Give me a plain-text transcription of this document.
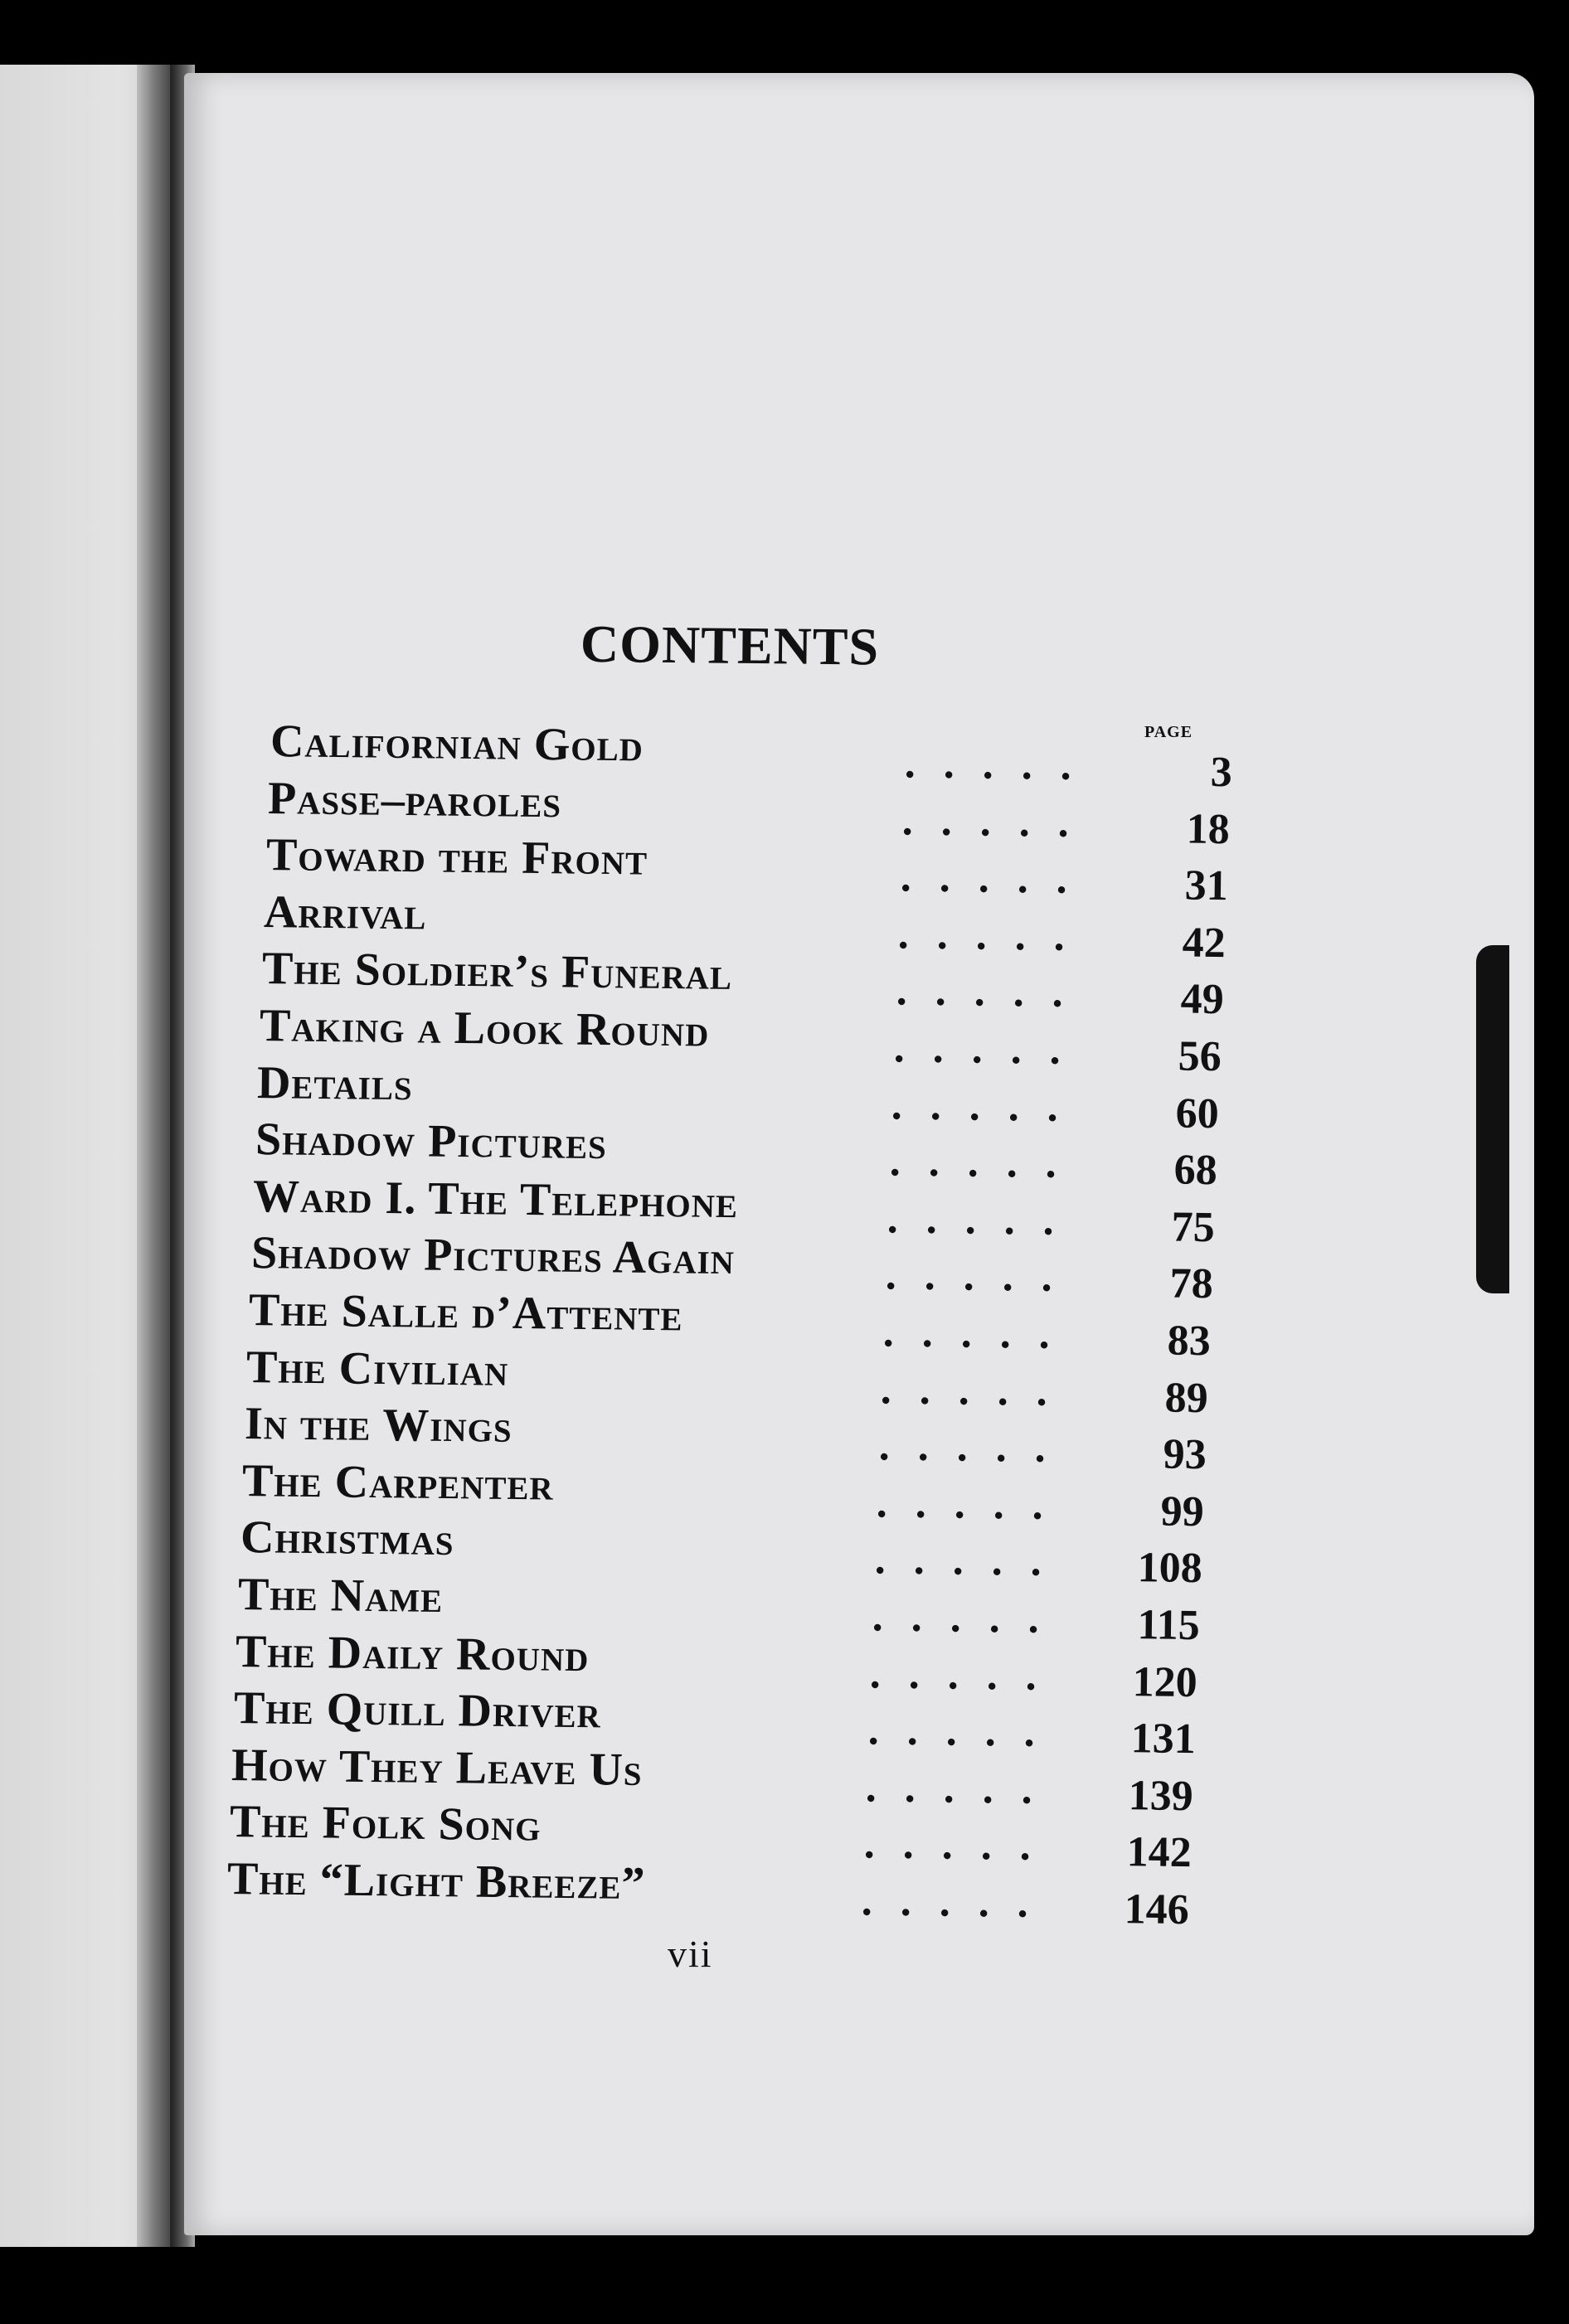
CONTENTS
PAGE
Californian Gold	.....	3
Passe–paroles	.....	18
Toward the Front	.....	31
Arrival	.....	42
The Soldier’s Funeral	.....	49
Taking a Look Round	.....	56
Details	.....	60
Shadow Pictures	.....	68
Ward I. The Telephone	.....	75
Shadow Pictures Again	.....	78
The Salle d’Attente	.....	83
The Civilian	.....	89
In the Wings	.....	93
The Carpenter	.....	99
Christmas	.....	108
The Name	.....	115
The Daily Round	.....	120
The Quill Driver	.....	131
How They Leave Us	.....	139
The Folk Song	.....	142
The “Light Breeze”	.....	146
vii
